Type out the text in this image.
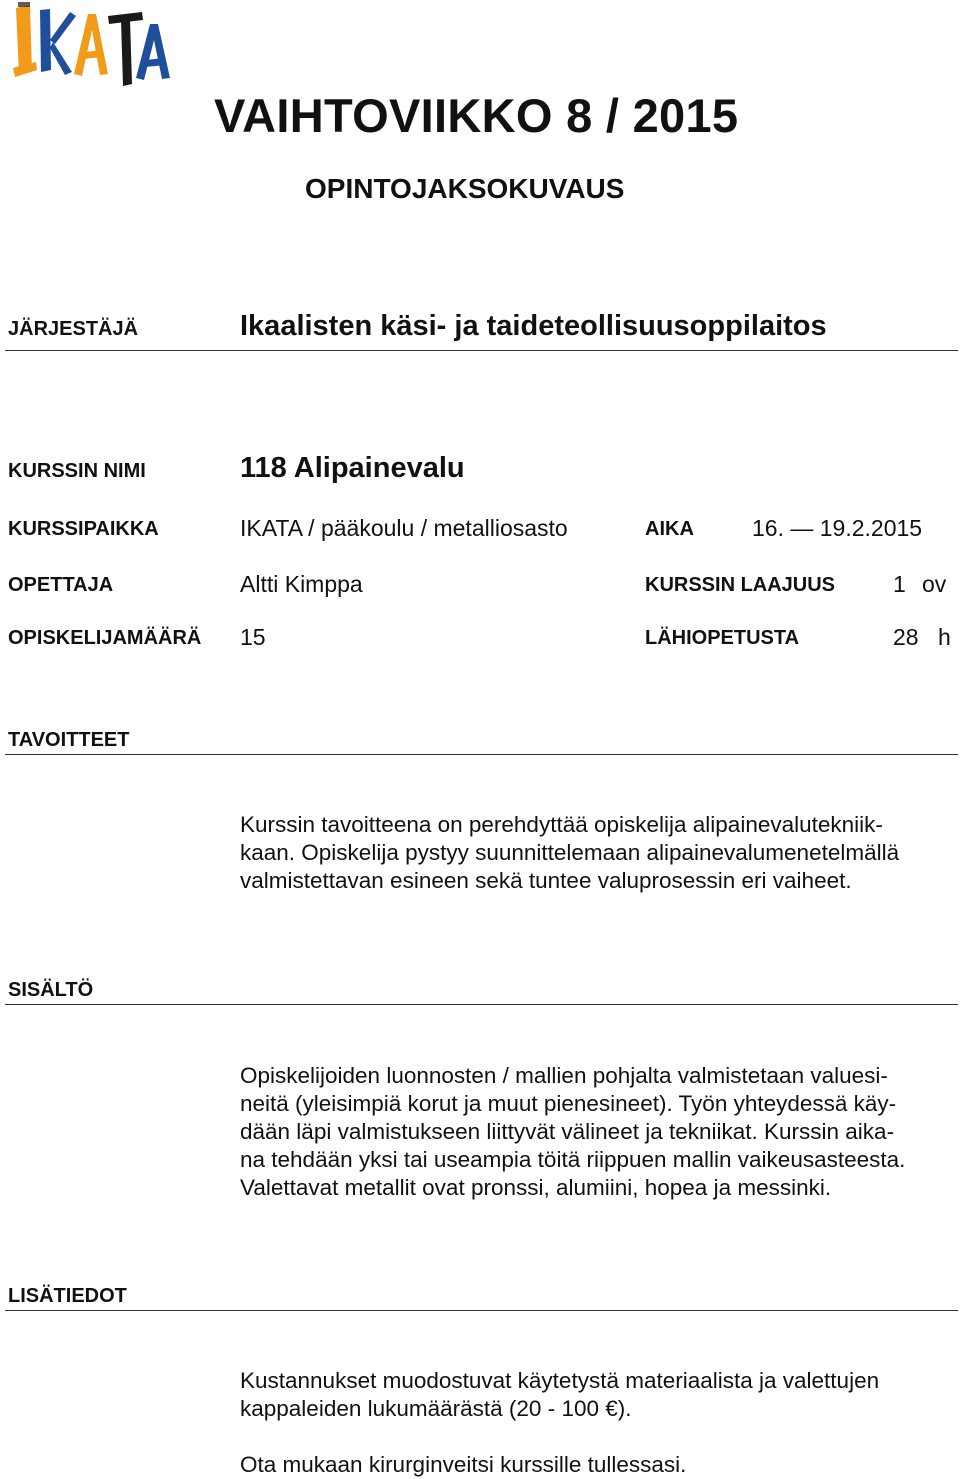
VAIHTOVIIKKO 8 / 2015
OPINTOJAKSOKUVAUS
JÄRJESTÄJÄ	Ikaalisten käsi- ja taideteollisuusoppilaitos
KURSSIN NIMI	118 Alipainevalu
KURSSIPAIKKA	IKATA / pääkoulu / metalliosasto	AIKA	16. — 19.2.2015
OPETTAJA	Altti Kimppa	KURSSIN LAAJUUS	1 ov
OPISKELIJAMÄÄRÄ 15	LÄHIOPETUSTA	28 h
TAVOITTEET
Kurssin tavoitteena on perehdyttää opiskelija alipainevalutekniik-
kaan. Opiskelija pystyy suunnittelemaan alipainevalumenetelmällä
valmistettavan esineen sekä tuntee valuprosessin eri vaiheet.
SISÄLTÖ
Opiskelijoiden luonnosten / mallien pohjalta valmistetaan valuesi-
neitä (yleisimpiä korut ja muut pienesineet). Työn yhteydessä käy-
dään läpi valmistukseen liittyvät välineet ja tekniikat. Kurssin aika-
na tehdään yksi tai useampia töitä riippuen mallin vaikeusasteesta.
Valettavat metallit ovat pronssi, alumiini, hopea ja messinki.
LISÄTIEDOT
Kustannukset muodostuvat käytetystä materiaalista ja valettujen
kappaleiden lukumäärästä (20 - 100 €).
Ota mukaan kirurginveitsi kurssille tullessasi.
